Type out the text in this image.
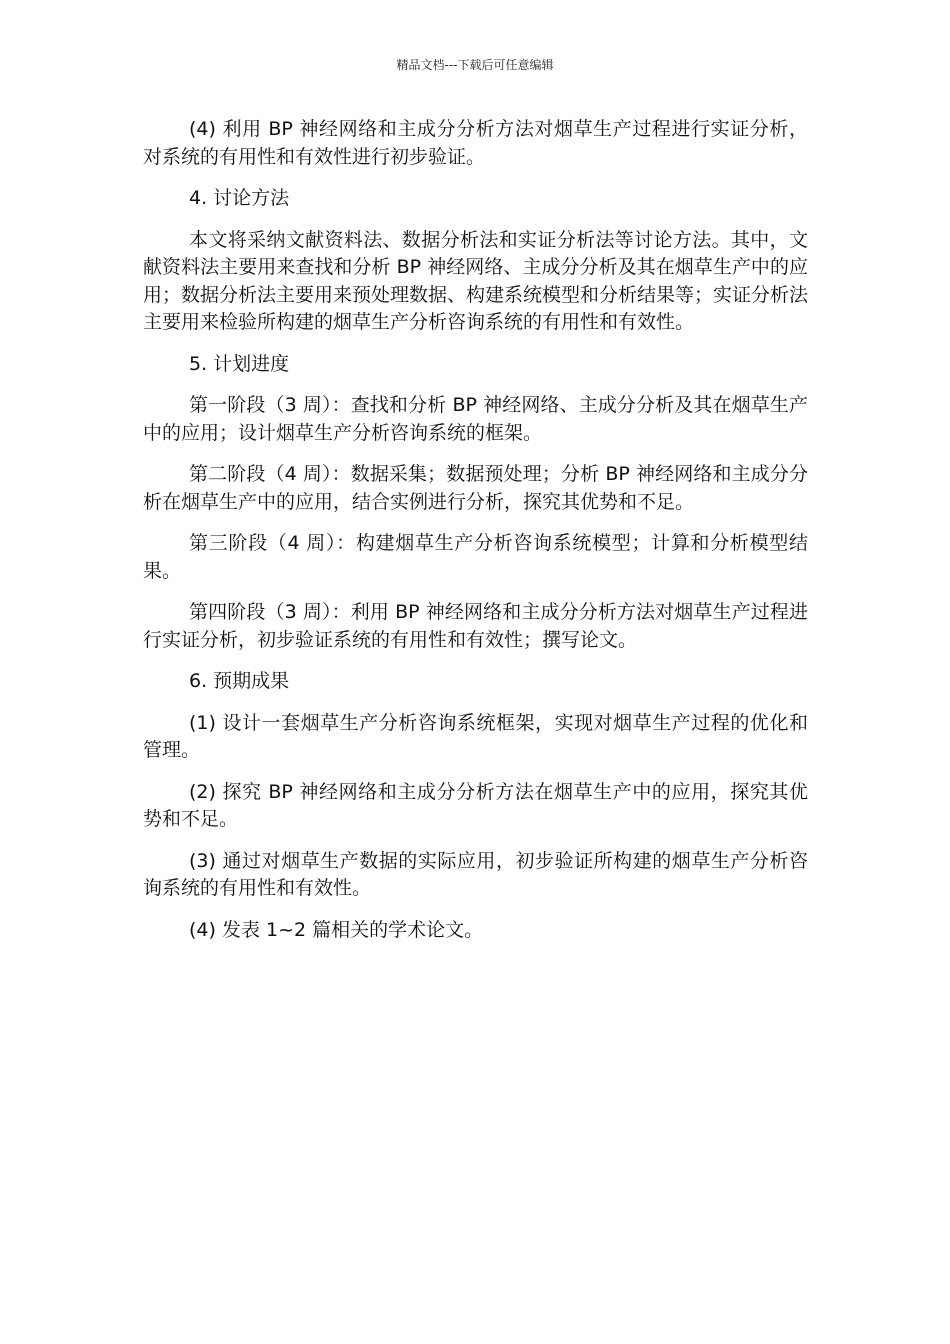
精品文档---下载后可任意编辑

(4) 利用 BP 神经网络和主成分分析方法对烟草生产过程进行实证分析，对系统的有用性和有效性进行初步验证。

4. 讨论方法

本文将采纳文献资料法、数据分析法和实证分析法等讨论方法。其中，文献资料法主要用来查找和分析 BP 神经网络、主成分分析及其在烟草生产中的应用；数据分析法主要用来预处理数据、构建系统模型和分析结果等；实证分析法主要用来检验所构建的烟草生产分析咨询系统的有用性和有效性。

5. 计划进度

第一阶段（3 周）：查找和分析 BP 神经网络、主成分分析及其在烟草生产中的应用；设计烟草生产分析咨询系统的框架。

第二阶段（4 周）：数据采集；数据预处理；分析 BP 神经网络和主成分分析在烟草生产中的应用，结合实例进行分析，探究其优势和不足。

第三阶段（4 周）：构建烟草生产分析咨询系统模型；计算和分析模型结果。

第四阶段（3 周）：利用 BP 神经网络和主成分分析方法对烟草生产过程进行实证分析，初步验证系统的有用性和有效性；撰写论文。

6. 预期成果

(1) 设计一套烟草生产分析咨询系统框架，实现对烟草生产过程的优化和管理。

(2) 探究 BP 神经网络和主成分分析方法在烟草生产中的应用，探究其优势和不足。

(3) 通过对烟草生产数据的实际应用，初步验证所构建的烟草生产分析咨询系统的有用性和有效性。

(4) 发表 1~2 篇相关的学术论文。
